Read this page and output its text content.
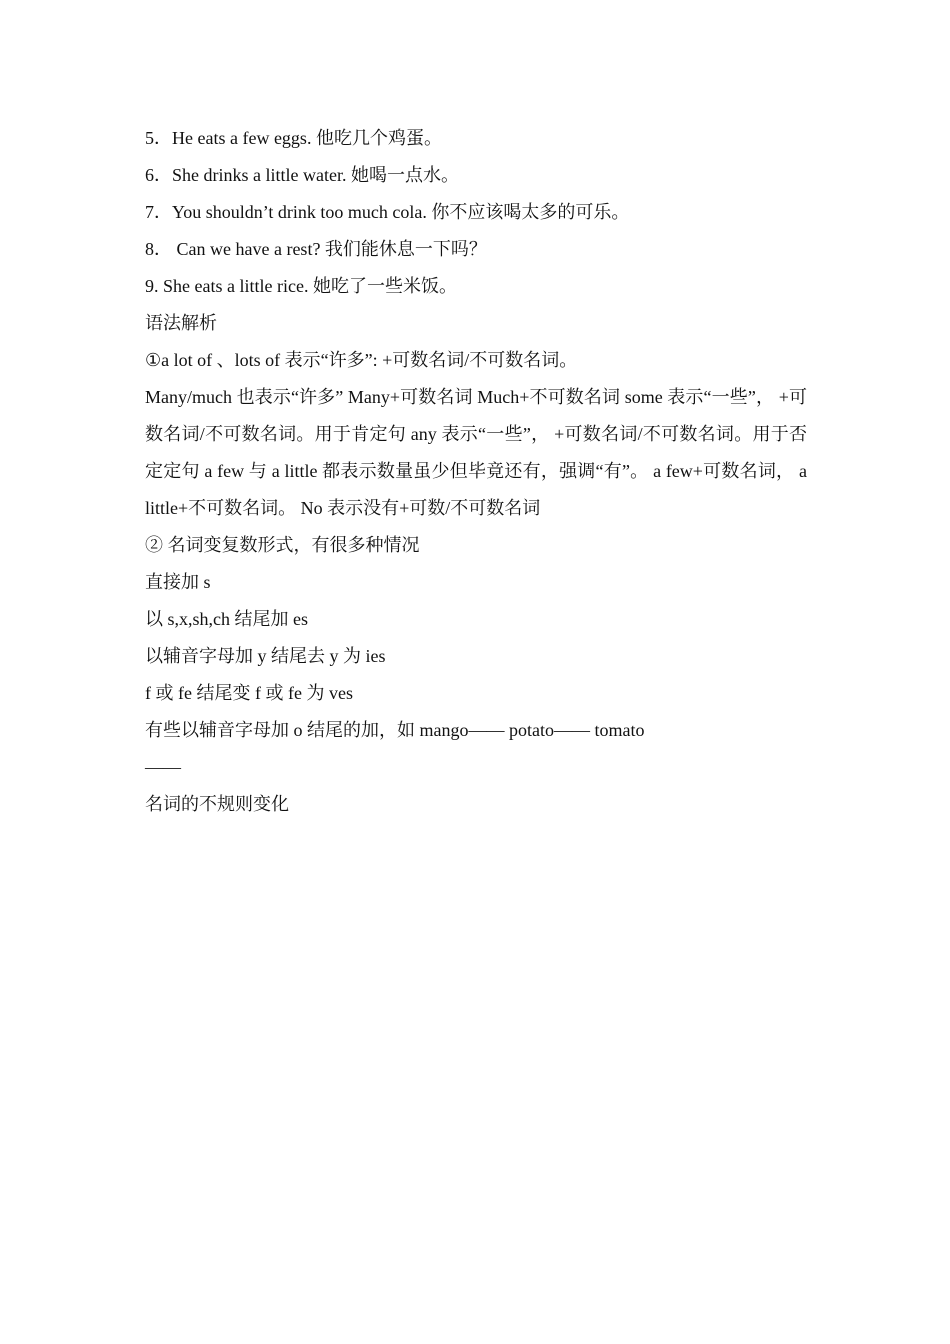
5．He eats a few eggs. 他吃几个鸡蛋。
6．She drinks a little water. 她喝一点水。
7．You shouldn’t drink too much cola. 你不应该喝太多的可乐。
8． Can we have a rest? 我们能休息一下吗？
9. She eats a little rice. 她吃了一些米饭。
语法解析
①a lot of 、lots of 表示“许多”: +可数名词/不可数名词。
Many/much 也表示“许多” Many+可数名词 Much+不可数名词 some 表示“一些”， +可数名词/不可数名词。用于肯定句 any 表示“一些”， +可数名词/不可数名词。用于否定定句 a few 与 a little 都表示数量虽少但毕竟还有，强调“有”。 a few+可数名词， a little+不可数名词。 No 表示没有+可数/不可数名词
② 名词变复数形式，有很多种情况
直接加 s
以 s,x,sh,ch 结尾加 es
以辅音字母加 y 结尾去 y 为 ies
f 或 fe 结尾变 f 或 fe 为 ves
有些以辅音字母加 o 结尾的加，如 mango—— potato—— tomato
——
名词的不规则变化
